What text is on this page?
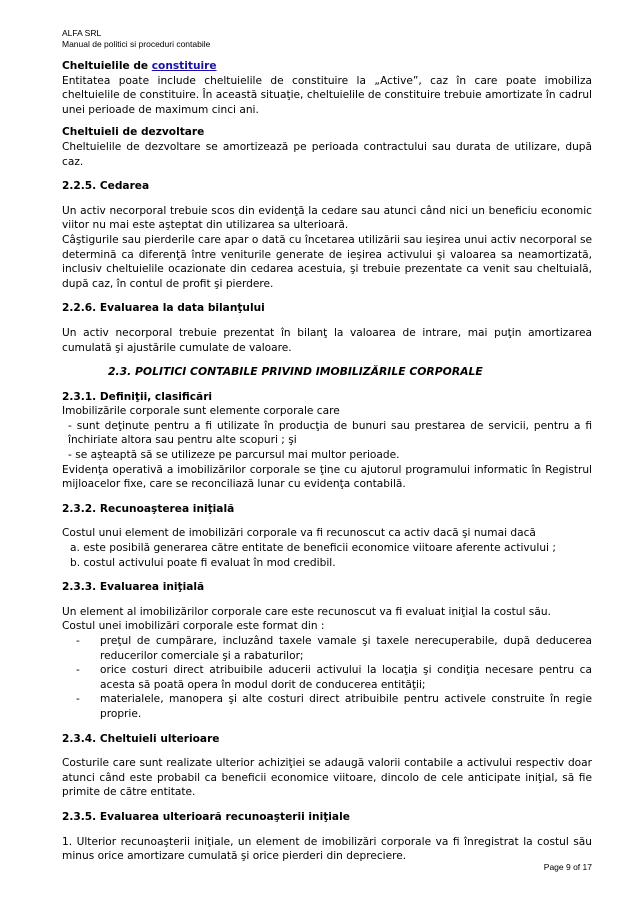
ALFA SRL
Manual de politici si proceduri contabile
Cheltuielile de constituire
Entitatea poate include cheltuielile de constituire la „Active”, caz în care poate imobiliza cheltuielile de constituire. În această situaţie, cheltuielile de constituire trebuie amortizate în cadrul unei perioade de maximum cinci ani.
Cheltuieli de dezvoltare
Cheltuielile de dezvoltare se amortizează pe perioada contractului sau durata de utilizare, după caz.
2.2.5. Cedarea
Un activ necorporal trebuie scos din evidenţă la cedare sau atunci când nici un beneficiu economic viitor nu mai este aşteptat din utilizarea sa ulterioară.
Câştigurile sau pierderile care apar o dată cu încetarea utilizării sau ieşirea unui activ necorporal se determină ca diferenţă între veniturile generate de ieşirea activului şi valoarea sa neamortizată, inclusiv cheltuielile ocazionate din cedarea acestuia, şi trebuie prezentate ca venit sau cheltuială, după caz, în contul de profit şi pierdere.
2.2.6. Evaluarea la data bilanţului
Un activ necorporal trebuie prezentat în bilanţ la valoarea de intrare, mai puţin amortizarea cumulată şi ajustările cumulate de valoare.
2.3. POLITICI CONTABILE PRIVIND IMOBILIZĂRILE CORPORALE
2.3.1. Definiţii, clasificări
Imobilizările corporale sunt elemente corporale care
- sunt deţinute pentru a fi utilizate în producţia de bunuri sau prestarea de servicii, pentru a fi închiriate altora sau pentru alte scopuri ; şi
- se aşteaptă să se utilizeze pe parcursul mai multor perioade.
Evidenţa operativă a imobilizărilor corporale se ţine cu ajutorul programului informatic în Registrul mijloacelor fixe, care se reconciliază lunar cu evidenţa contabilă.
2.3.2. Recunoaşterea iniţială
Costul unui element de imobilizări corporale va fi recunoscut ca activ dacă şi numai dacă
a. este posibilă generarea către entitate de beneficii economice viitoare aferente activului ;
b. costul activului poate fi evaluat în mod credibil.
2.3.3. Evaluarea iniţială
Un element al imobilizărilor corporale care este recunoscut va fi evaluat iniţial la costul său.
Costul unei imobilizări corporale este format din :
-	preţul de cumpărare, incluzând taxele vamale şi taxele nerecuperabile, după deducerea reducerilor comerciale şi a rabaturilor;
-	orice costuri direct atribuibile aducerii activului la locaţia şi condiţia necesare pentru ca acesta să poată opera în modul dorit de conducerea entităţii;
-	materialele, manopera şi alte costuri direct atribuibile pentru activele construite în regie proprie.
2.3.4. Cheltuieli ulterioare
Costurile care sunt realizate ulterior achiziţiei se adaugă valorii contabile a activului respectiv doar atunci când este probabil ca beneficii economice viitoare, dincolo de cele anticipate iniţial, să fie primite de către entitate.
2.3.5. Evaluarea ulterioară recunoaşterii iniţiale
1. Ulterior recunoaşterii iniţiale, un element de imobilizări corporale va fi înregistrat la costul său minus orice amortizare cumulată şi orice pierderi din depreciere.
Page 9 of 17
